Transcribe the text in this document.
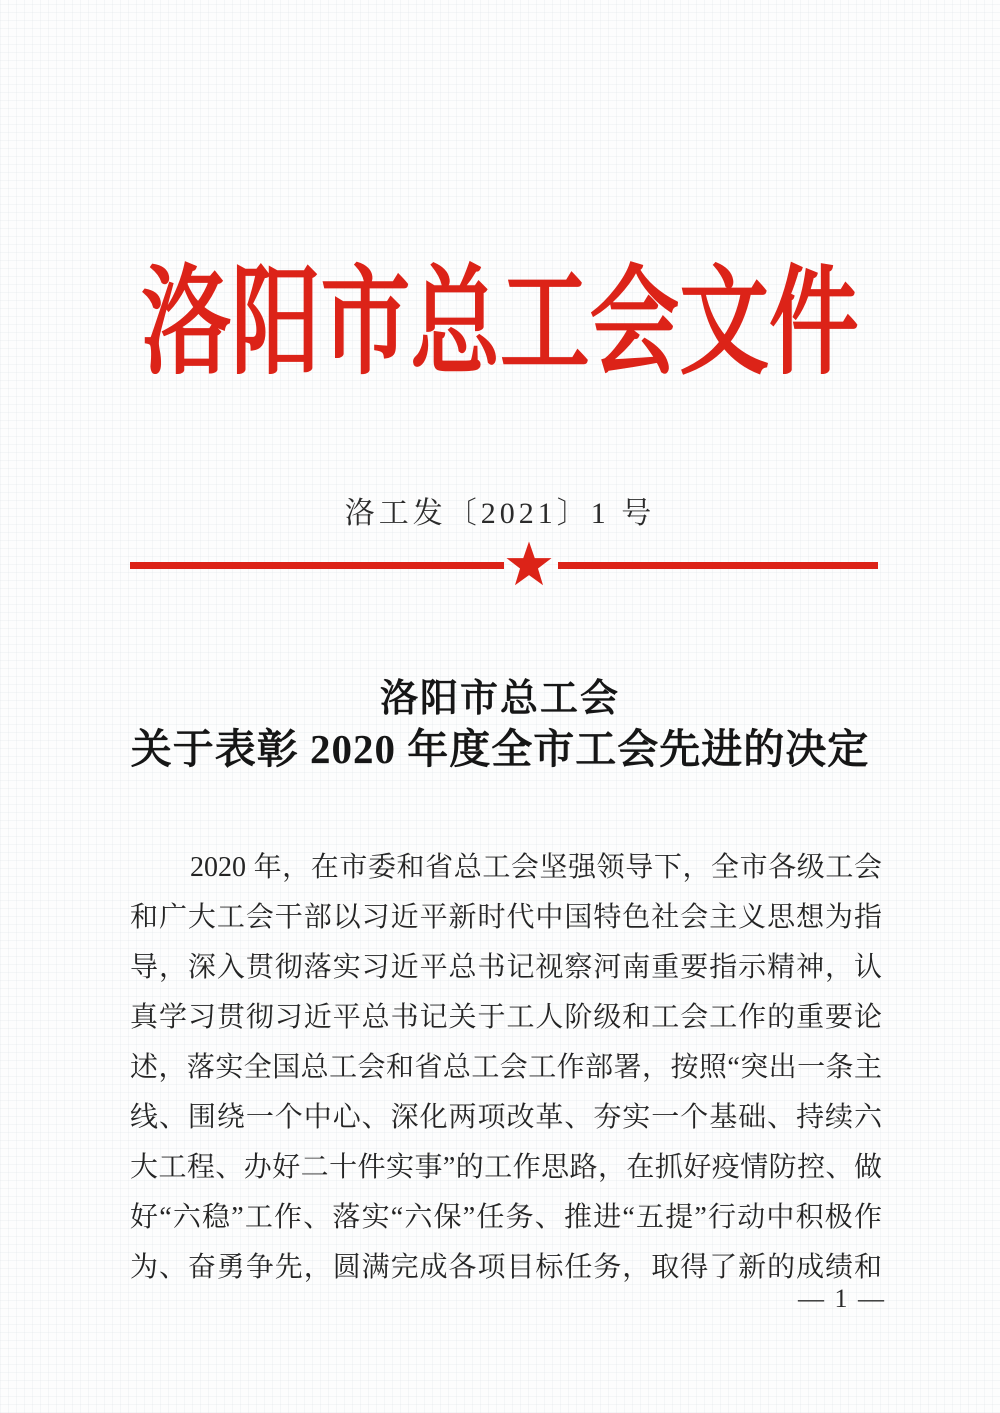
洛阳市总工会文件
洛工发〔2021〕1 号
洛阳市总工会
关于表彰 2020 年度全市工会先进的决定
2020 年，在市委和省总工会坚强领导下，全市各级工会
和广大工会干部以习近平新时代中国特色社会主义思想为指
导，深入贯彻落实习近平总书记视察河南重要指示精神，认
真学习贯彻习近平总书记关于工人阶级和工会工作的重要论
述，落实全国总工会和省总工会工作部署，按照“突出一条主
线、围绕一个中心、深化两项改革、夯实一个基础、持续六
大工程、办好二十件实事”的工作思路，在抓好疫情防控、做
好“六稳”工作、落实“六保”任务、推进“五提”行动中积极作
为、奋勇争先，圆满完成各项目标任务，取得了新的成绩和
— 1 —
